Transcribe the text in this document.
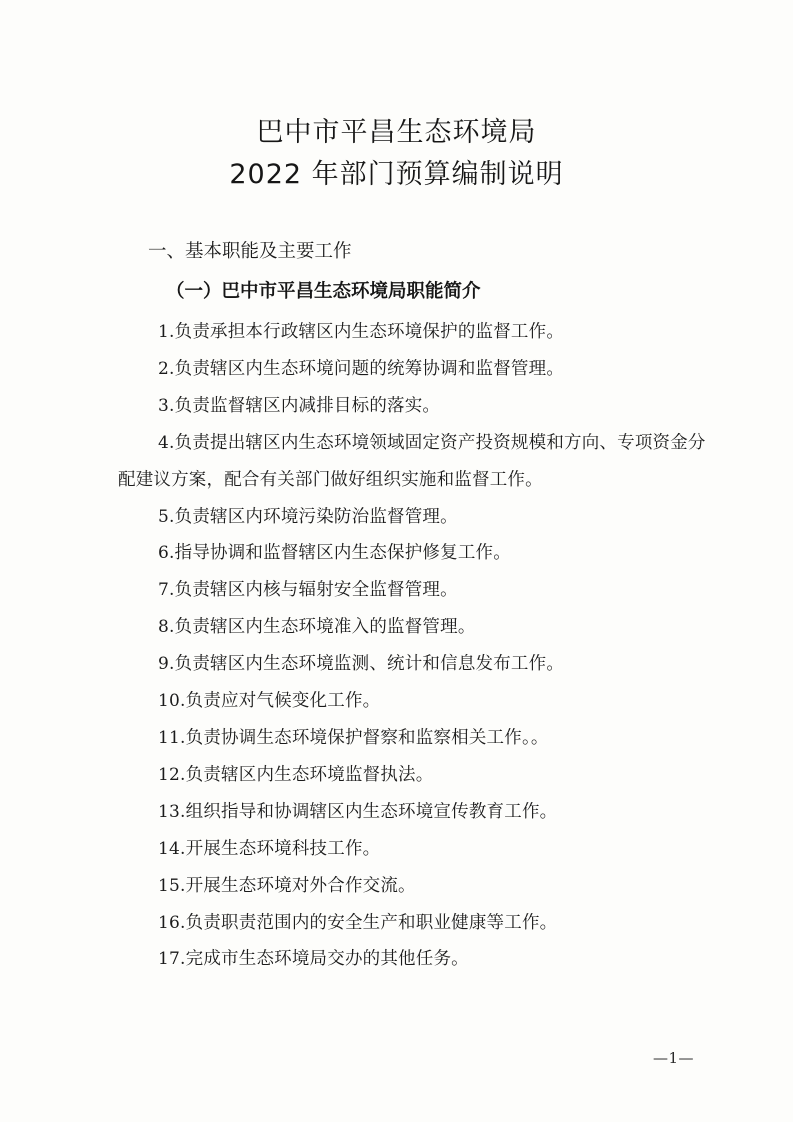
巴中市平昌生态环境局
2022 年部门预算编制说明
一、基本职能及主要工作
（一）巴中市平昌生态环境局职能简介

1.负责承担本行政辖区内生态环境保护的监督工作。

2.负责辖区内生态环境问题的统筹协调和监督管理。

3.负责监督辖区内减排目标的落实。

4.负责提出辖区内生态环境领域固定资产投资规模和方向、专项资金分配建议方案，配合有关部门做好组织实施和监督工作。

5.负责辖区内环境污染防治监督管理。

6.指导协调和监督辖区内生态保护修复工作。

7.负责辖区内核与辐射安全监督管理。

8.负责辖区内生态环境准入的监督管理。

9.负责辖区内生态环境监测、统计和信息发布工作。

10.负责应对气候变化工作。

11.负责协调生态环境保护督察和监察相关工作。。

12.负责辖区内生态环境监督执法。

13.组织指导和协调辖区内生态环境宣传教育工作。

14.开展生态环境科技工作。

15.开展生态环境对外合作交流。

16.负责职责范围内的安全生产和职业健康等工作。

17.完成市生态环境局交办的其他任务。

—1—
